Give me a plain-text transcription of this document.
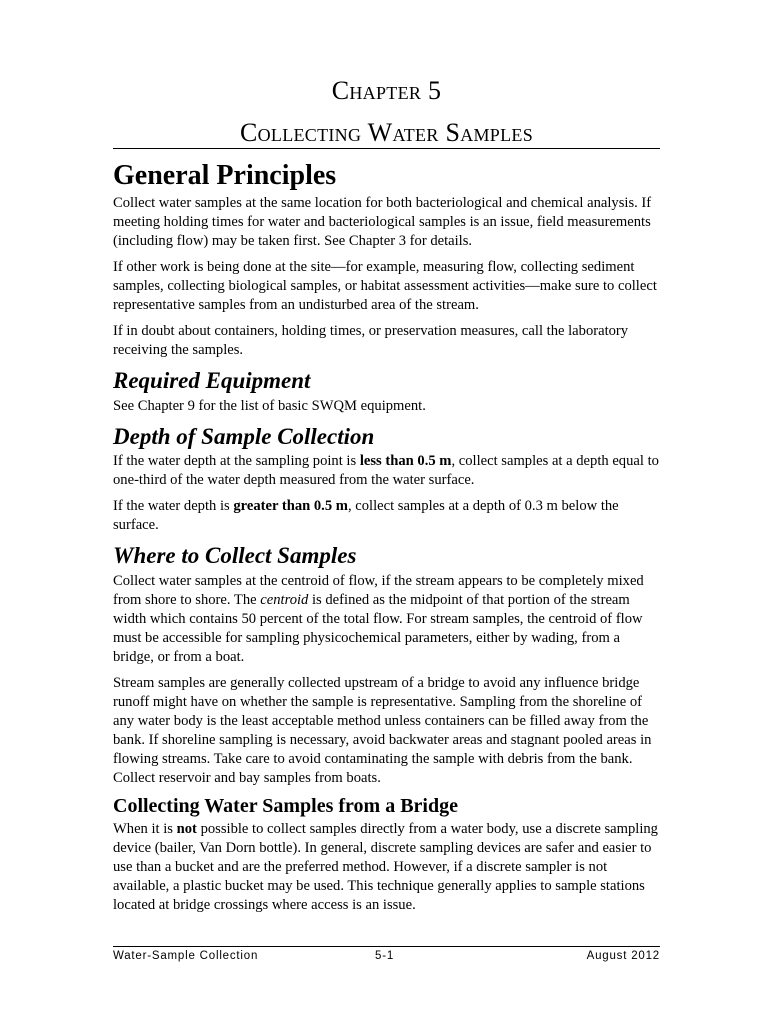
Chapter 5
Collecting Water Samples
General Principles

Collect water samples at the same location for both bacteriological and chemical analysis. If meeting holding times for water and bacteriological samples is an issue, field measurements (including flow) may be taken first. See Chapter 3 for details.

If other work is being done at the site—for example, measuring flow, collecting sediment samples, collecting biological samples, or habitat assessment activities—make sure to collect representative samples from an undisturbed area of the stream.

If in doubt about containers, holding times, or preservation measures, call the laboratory receiving the samples.

Required Equipment

See Chapter 9 for the list of basic SWQM equipment.

Depth of Sample Collection

If the water depth at the sampling point is less than 0.5 m, collect samples at a depth equal to one-third of the water depth measured from the water surface.

If the water depth is greater than 0.5 m, collect samples at a depth of 0.3 m below the surface.

Where to Collect Samples

Collect water samples at the centroid of flow, if the stream appears to be completely mixed from shore to shore. The centroid is defined as the midpoint of that portion of the stream width which contains 50 percent of the total flow. For stream samples, the centroid of flow must be accessible for sampling physicochemical parameters, either by wading, from a bridge, or from a boat.

Stream samples are generally collected upstream of a bridge to avoid any influence bridge runoff might have on whether the sample is representative. Sampling from the shoreline of any water body is the least acceptable method unless containers can be filled away from the bank. If shoreline sampling is necessary, avoid backwater areas and stagnant pooled areas in flowing streams. Take care to avoid contaminating the sample with debris from the bank. Collect reservoir and bay samples from boats.

Collecting Water Samples from a Bridge

When it is not possible to collect samples directly from a water body, use a discrete sampling device (bailer, Van Dorn bottle). In general, discrete sampling devices are safer and easier to use than a bucket and are the preferred method. However, if a discrete sampler is not available, a plastic bucket may be used. This technique generally applies to sample stations located at bridge crossings where access is an issue.

Water-Sample Collection	5-1	August 2012
